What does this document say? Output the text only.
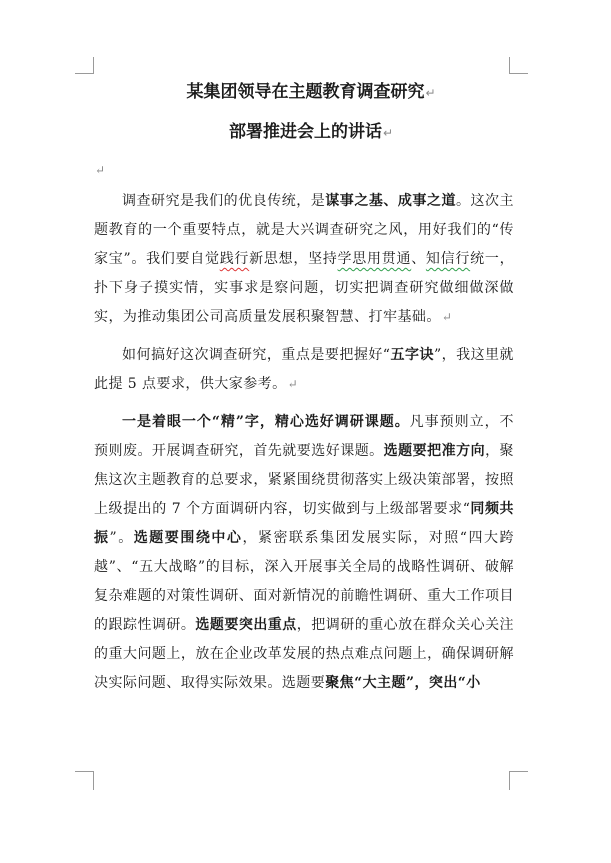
某集团领导在主题教育调查研究↵
部署推进会上的讲话↵
↵

调查研究是我们的优良传统，是谋事之基、成事之道。这次主题教育的一个重要特点，就是大兴调查研究之风，用好我们的“传家宝”。我们要自觉践行新思想，坚持学思用贯通、知信行统一，扑下身子摸实情，实事求是察问题，切实把调查研究做细做深做实，为推动集团公司高质量发展积聚智慧、打牢基础。↵

如何搞好这次调查研究，重点是要把握好“五字诀”，我这里就此提 5 点要求，供大家参考。↵

一是着眼一个“精”字，精心选好调研课题。凡事预则立，不预则废。开展调查研究，首先就要选好课题。选题要把准方向，聚焦这次主题教育的总要求，紧紧围绕贯彻落实上级决策部署，按照上级提出的 7 个方面调研内容，切实做到与上级部署要求“同频共振”。选题要围绕中心，紧密联系集团发展实际，对照“四大跨越”、“五大战略”的目标，深入开展事关全局的战略性调研、破解复杂难题的对策性调研、面对新情况的前瞻性调研、重大工作项目的跟踪性调研。选题要突出重点，把调研的重心放在群众关心关注的重大问题上，放在企业改革发展的热点难点问题上，确保调研解决实际问题、取得实际效果。选题要聚焦“大主题”，突出“小
